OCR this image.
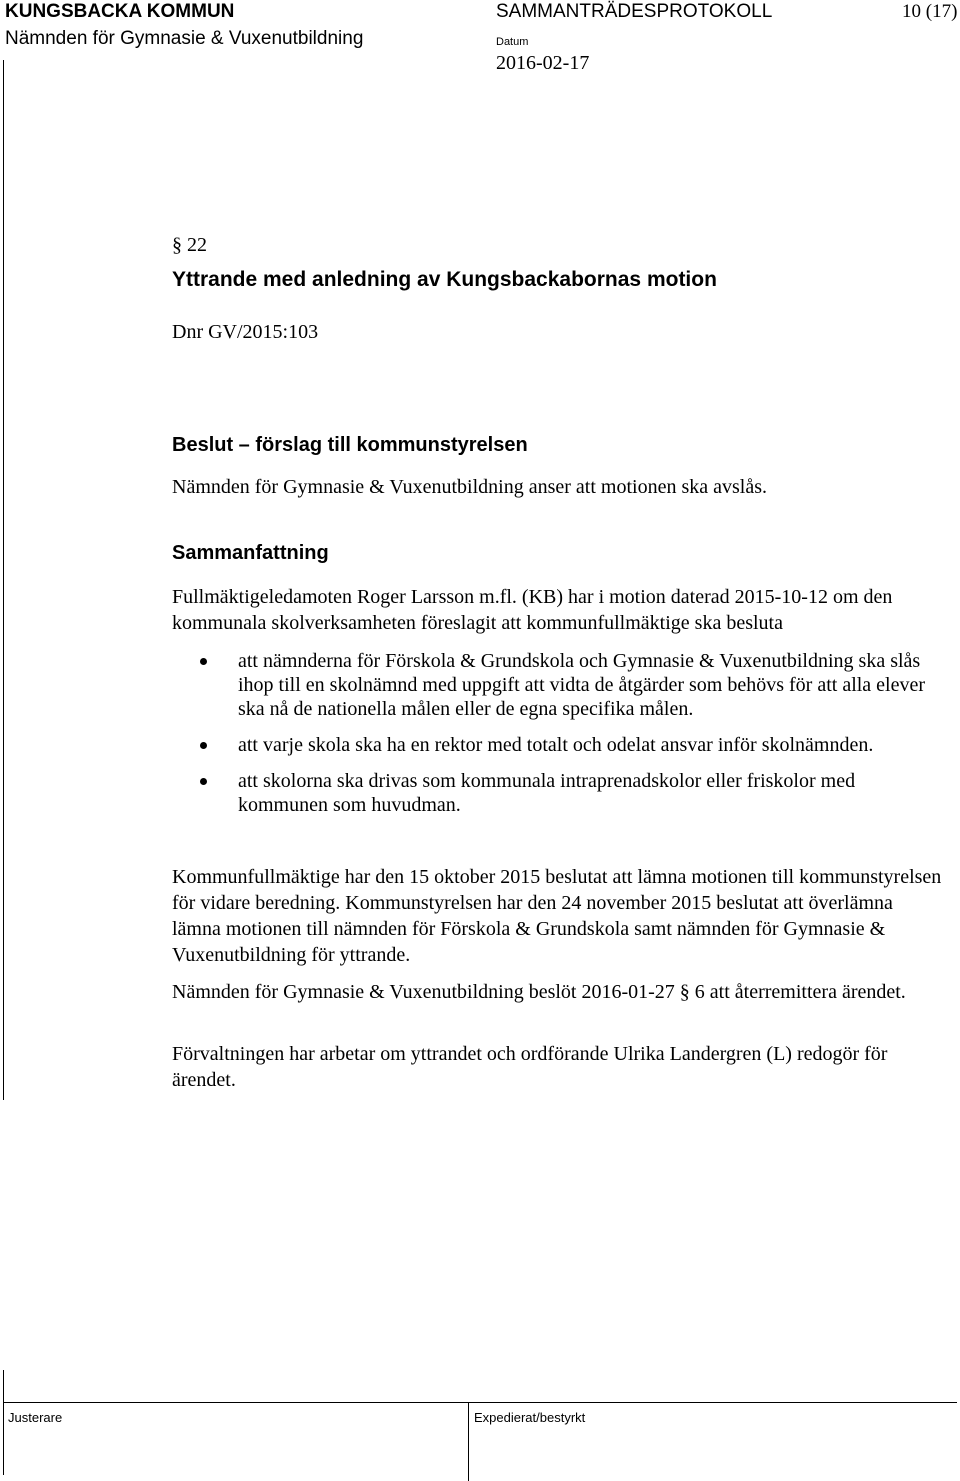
KUNGSBACKA KOMMUN
Nämnden för Gymnasie & Vuxenutbildning
SAMMANTRÄDESPROTOKOLL	10 (17)
Datum
2016-02-17
§ 22
Yttrande med anledning av Kungsbackabornas motion
Dnr GV/2015:103
Beslut – förslag till kommunstyrelsen
Nämnden för Gymnasie & Vuxenutbildning anser att motionen ska avslås.
Sammanfattning

Fullmäktigeledamoten Roger Larsson m.fl. (KB) har i motion daterad 2015-10-12 om den kommunala skolverksamheten föreslagit att kommunfullmäktige ska besluta

att nämnderna för Förskola & Grundskola och Gymnasie & Vuxenutbildning ska slås ihop till en skolnämnd med uppgift att vidta de åtgärder som behövs för att alla elever ska nå de nationella målen eller de egna specifika målen.
att varje skola ska ha en rektor med totalt och odelat ansvar inför skolnämnden.
att skolorna ska drivas som kommunala intraprenadskolor eller friskolor med kommunen som huvudman.

Kommunfullmäktige har den 15 oktober 2015 beslutat att lämna motionen till kommunstyrelsen för vidare beredning. Kommunstyrelsen har den 24 november 2015 beslutat att överlämna lämna motionen till nämnden för Förskola & Grundskola samt nämnden för Gymnasie & Vuxenutbildning för yttrande.

Nämnden för Gymnasie & Vuxenutbildning beslöt 2016-01-27 § 6 att återremittera ärendet.

Förvaltningen har arbetar om yttrandet och ordförande Ulrika Landergren (L) redogör för ärendet.

Justerare	Expedierat/bestyrkt
